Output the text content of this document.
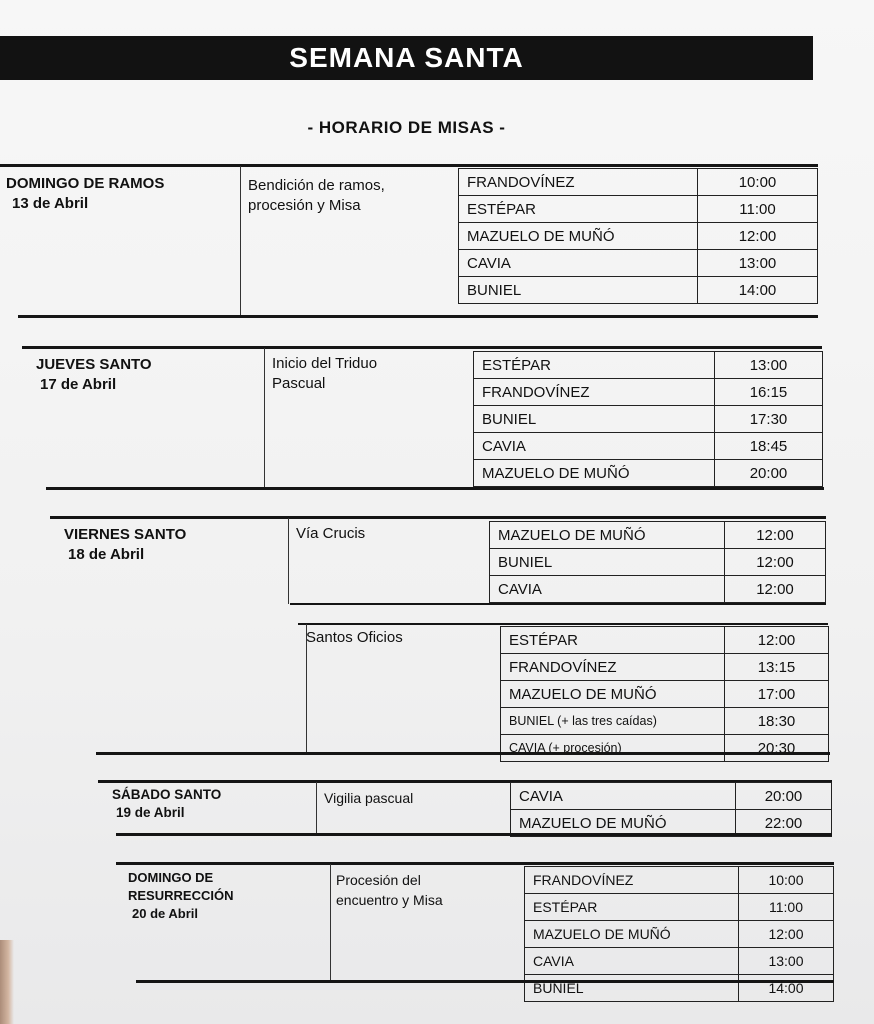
SEMANA SANTA
- HORARIO DE MISAS -
DOMINGO DE RAMOS
13 de Abril
Bendición de ramos, procesión y Misa
FRANDOVÍNEZ	10:00
ESTÉPAR	11:00
MAZUELO DE MUÑÓ	12:00
CAVIA	13:00
BUNIEL	14:00
JUEVES SANTO
17 de Abril
Inicio del Triduo Pascual
ESTÉPAR	13:00
FRANDOVÍNEZ	16:15
BUNIEL	17:30
CAVIA	18:45
MAZUELO DE MUÑÓ	20:00
VIERNES SANTO
18 de Abril
Vía Crucis	MAZUELO DE MUÑÓ	12:00
BUNIEL	12:00
CAVIA	12:00
Santos Oficios	ESTÉPAR	12:00
FRANDOVÍNEZ	13:15
MAZUELO DE MUÑÓ	17:00
BUNIEL (+ las tres caídas)	18:30
CAVIA (+ procesión)	20:30
SÁBADO SANTO
19 de Abril
Vigilia pascual	CAVIA	20:00
MAZUELO DE MUÑÓ	22:00
DOMINGO DE RESURRECCIÓN
20 de Abril
Procesión del encuentro y Misa
FRANDOVÍNEZ	10:00
ESTÉPAR	11:00
MAZUELO DE MUÑÓ	12:00
CAVIA	13:00
BUNIEL	14:00
